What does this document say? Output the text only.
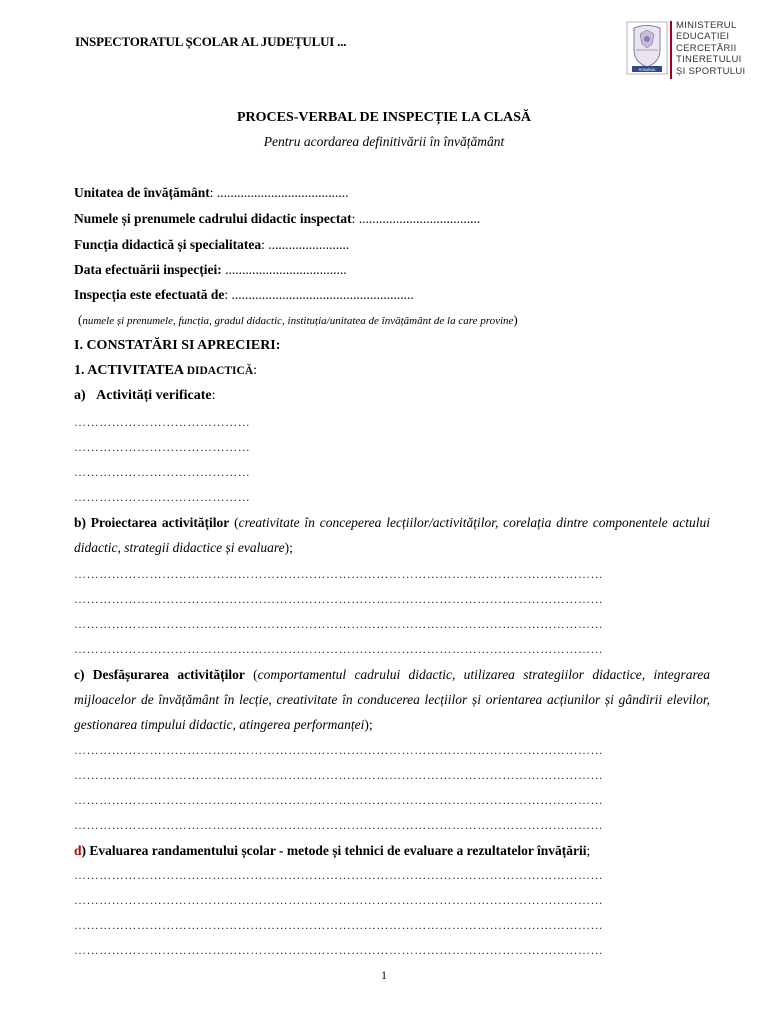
INSPECTORATUL ȘCOLAR AL JUDEȚULUI ...
ROMÂNIA
MINISTERUL
EDUCAȚIEI
CERCETĂRII
TINERETULUI
ȘI SPORTULUI
PROCES-VERBAL DE INSPECȚIE LA CLASĂ
Pentru acordarea definitivării în învățământ
Unitatea de învățământ: .......................................
Numele și prenumele cadrului didactic inspectat: ....................................
Funcția didactică și specialitatea: ........................
Data efectuării inspecției: ....................................
Inspecția este efectuată de: ......................................................
(numele și prenumele, funcția, gradul didactic, instituția/unitatea de învățământ de la care provine)
I. CONSTATĂRI SI APRECIERI:
1. ACTIVITATEA DIDACTICĂ:
a) Activități verificate:
……………………………………
……………………………………
……………………………………
……………………………………
b) Proiectarea activităților (creativitate în conceperea lecțiilor/activităților, corelația dintre componentele actului didactic, strategii didactice și evaluare);
………………………………………………………………………………………………………………
………………………………………………………………………………………………………………
………………………………………………………………………………………………………………
………………………………………………………………………………………………………………
c) Desfășurarea activităților (comportamentul cadrului didactic, utilizarea strategiilor didactice, integrarea mijloacelor de învățământ în lecție, creativitate în conducerea lecțiilor și orientarea acțiunilor și gândirii elevilor, gestionarea timpului didactic, atingerea performanței);
………………………………………………………………………………………………………………
………………………………………………………………………………………………………………
………………………………………………………………………………………………………………
………………………………………………………………………………………………………………
d) Evaluarea randamentului școlar - metode și tehnici de evaluare a rezultatelor învățării;
………………………………………………………………………………………………………………
………………………………………………………………………………………………………………
………………………………………………………………………………………………………………
………………………………………………………………………………………………………………
1
